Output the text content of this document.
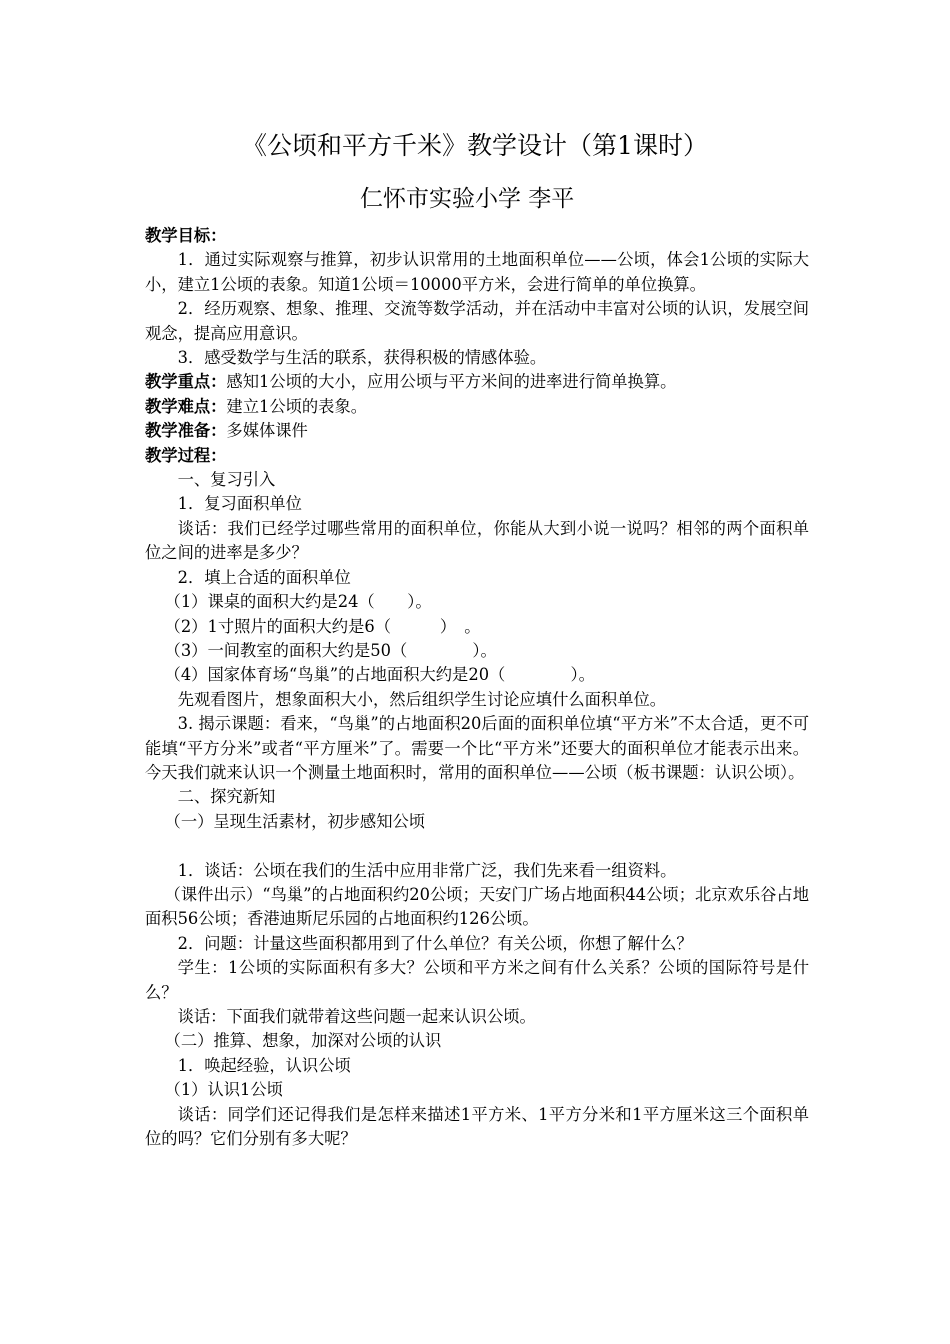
《公顷和平方千米》教学设计（第1课时）
仁怀市实验小学 李平

教学目标：

1．通过实际观察与推算，初步认识常用的土地面积单位——公顷，体会1公顷的实际大小，建立1公顷的表象。知道1公顷＝10000平方米，会进行简单的单位换算。

2．经历观察、想象、推理、交流等数学活动，并在活动中丰富对公顷的认识，发展空间观念，提高应用意识。

3．感受数学与生活的联系，获得积极的情感体验。

教学重点：感知1公顷的大小，应用公顷与平方米间的进率进行简单换算。

教学难点：建立1公顷的表象。

教学准备：多媒体课件

教学过程：

一、复习引入

1．复习面积单位

谈话：我们已经学过哪些常用的面积单位，你能从大到小说一说吗？相邻的两个面积单位之间的进率是多少？

2．填上合适的面积单位

（1）课桌的面积大约是24（　　）。

（2）1寸照片的面积大约是6（　　　）　。

（3）一间教室的面积大约是50（　　　　）。

（4）国家体育场“鸟巢”的占地面积大约是20（　　　　）。

先观看图片，想象面积大小，然后组织学生讨论应填什么面积单位。

3. 揭示课题：看来，“鸟巢”的占地面积20后面的面积单位填“平方米”不太合适，更不可能填“平方分米”或者“平方厘米”了。需要一个比“平方米”还要大的面积单位才能表示出来。今天我们就来认识一个测量土地面积时，常用的面积单位——公顷（板书课题：认识公顷）。

二、探究新知

（一）呈现生活素材，初步感知公顷

1．谈话：公顷在我们的生活中应用非常广泛，我们先来看一组资料。

（课件出示）“鸟巢”的占地面积约20公顷；天安门广场占地面积44公顷；北京欢乐谷占地面积56公顷；香港迪斯尼乐园的占地面积约126公顷。

2．问题：计量这些面积都用到了什么单位？有关公顷，你想了解什么？

学生：1公顷的实际面积有多大？公顷和平方米之间有什么关系？公顷的国际符号是什么？

谈话：下面我们就带着这些问题一起来认识公顷。

（二）推算、想象，加深对公顷的认识

1．唤起经验，认识公顷

（1）认识1公顷

谈话：同学们还记得我们是怎样来描述1平方米、1平方分米和1平方厘米这三个面积单位的吗？它们分别有多大呢？
